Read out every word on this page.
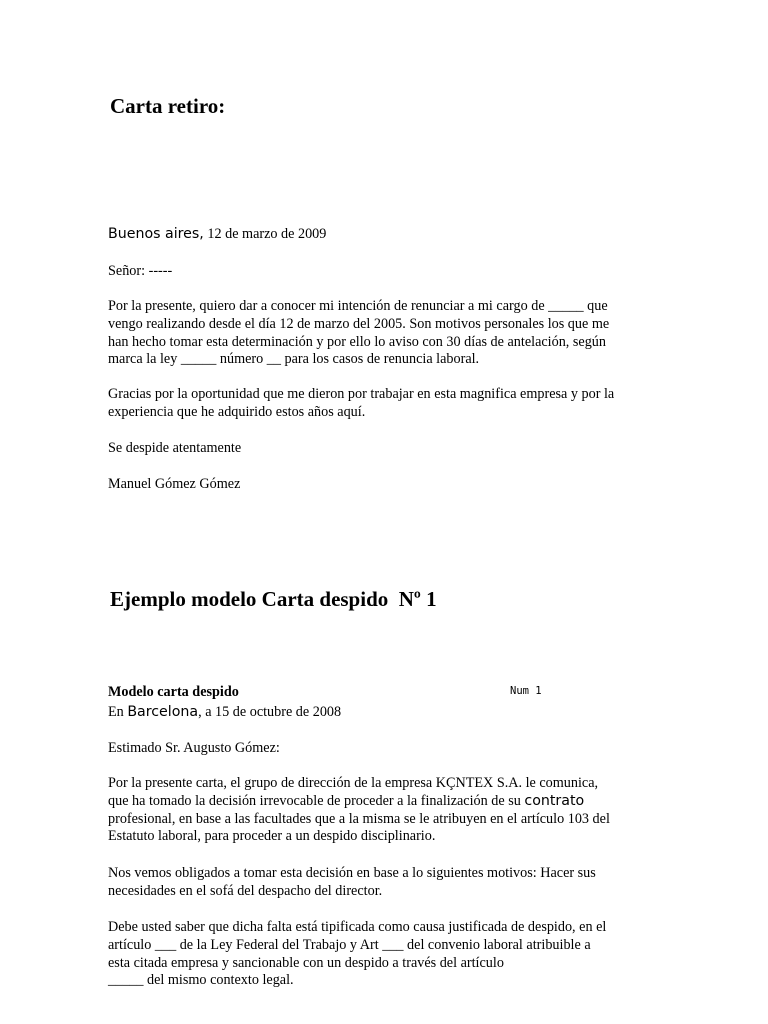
Carta retiro:
Buenos aires, 12 de marzo de 2009
Señor: -----
Por la presente, quiero dar a conocer mi intención de renunciar a mi cargo de _____ que
vengo realizando desde el día 12 de marzo del 2005. Son motivos personales los que me
han hecho tomar esta determinación y por ello lo aviso con 30 días de antelación, según
marca la ley _____ número __ para los casos de renuncia laboral.
Gracias por la oportunidad que me dieron por trabajar en esta magnifica empresa y por la
experiencia que he adquirido estos años aquí.
Se despide atentamente
Manuel Gómez Gómez
Ejemplo modelo Carta despido  Nº 1
Modelo carta despido	Num 1
En Barcelona, a 15 de octubre de 2008
Estimado Sr. Augusto Gómez:
Por la presente carta, el grupo de dirección de la empresa KÇNTEX S.A. le comunica,
que ha tomado la decisión irrevocable de proceder a la finalización de su contrato
profesional, en base a las facultades que a la misma se le atribuyen en el artículo 103 del
Estatuto laboral, para proceder a un despido disciplinario.
Nos vemos obligados a tomar esta decisión en base a lo siguientes motivos: Hacer sus
necesidades en el sofá del despacho del director.
Debe usted saber que dicha falta está tipificada como causa justificada de despido, en el
artículo ___ de la Ley Federal del Trabajo y Art ___ del convenio laboral atribuible a
esta citada empresa y sancionable con un despido a través del artículo
_____ del mismo contexto legal.
